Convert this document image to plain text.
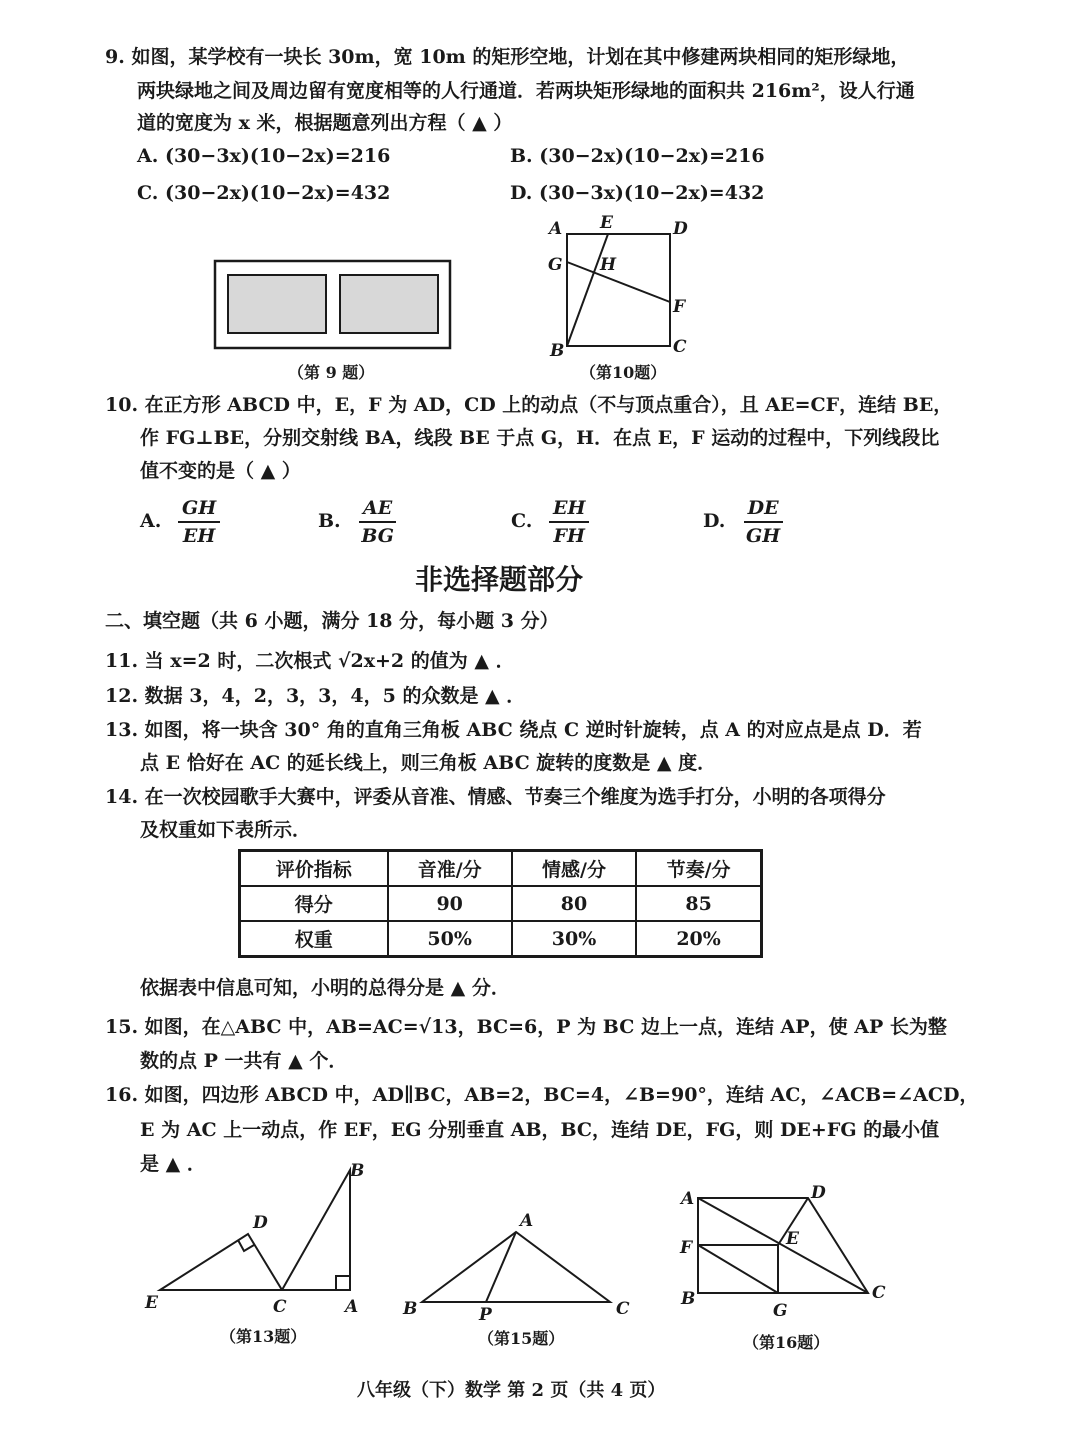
9. 如图，某学校有一块长 30m，宽 10m 的矩形空地，计划在其中修建两块相同的矩形绿地，
两块绿地之间及周边留有宽度相等的人行通道．若两块矩形绿地的面积共 216m²，设人行通
道的宽度为 x 米，根据题意列出方程（ ▲ ）
A. (30−3x)(10−2x)=216	B. (30−2x)(10−2x)=216
C. (30−2x)(10−2x)=432	D. (30−3x)(10−2x)=432
（第 9 题）
A E	D
G H
F
B	C
（第10题）
10. 在正方形 ABCD 中，E，F 为 AD，CD 上的动点（不与顶点重合），且 AE=CF，连结 BE，
作 FG⊥BE，分别交射线 BA，线段 BE 于点 G，H．在点 E，F 运动的过程中，下列线段比
值不变的是（ ▲ ）
A. $\frac{GH}{EH}$	B. $\frac{AE}{BG}$	C. $\frac{EH}{FH}$	D. $\frac{DE}{GH}$
非选择题部分
二、填空题（共 6 小题，满分 18 分，每小题 3 分）
11. 当 x=2 时，二次根式 √2x+2 的值为 ▲ ．
12. 数据 3，4，2，3，3，4，5 的众数是 ▲ ．
13. 如图，将一块含 30° 角的直角三角板 ABC 绕点 C 逆时针旋转，点 A 的对应点是点 D．若
点 E 恰好在 AC 的延长线上，则三角板 ABC 旋转的度数是 ▲ 度．
14. 在一次校园歌手大赛中，评委从音准、情感、节奏三个维度为选手打分，小明的各项得分
及权重如下表所示．
评价指标	音准/分	情感/分	节奏/分
得分	90	80	85
权重	50%	30%	20%
依据表中信息可知，小明的总得分是 ▲ 分．
15. 如图，在△ABC 中，AB=AC=√13，BC=6，P 为 BC 边上一点，连结 AP，使 AP 长为整
数的点 P 一共有 ▲ 个．
16. 如图，四边形 ABCD 中，AD∥BC，AB=2，BC=4，∠B=90°，连结 AC，∠ACB=∠ACD，
E 为 AC 上一动点，作 EF，EG 分别垂直 AB，BC，连结 DE，FG，则 DE+FG 的最小值
是 ▲ ．	B
D
E	C	A
（第13题）
A
B	P	C
（第15题）
A	D
F	E
B
G
C
（第16题）
八年级（下）数学 第 2 页（共 4 页）
